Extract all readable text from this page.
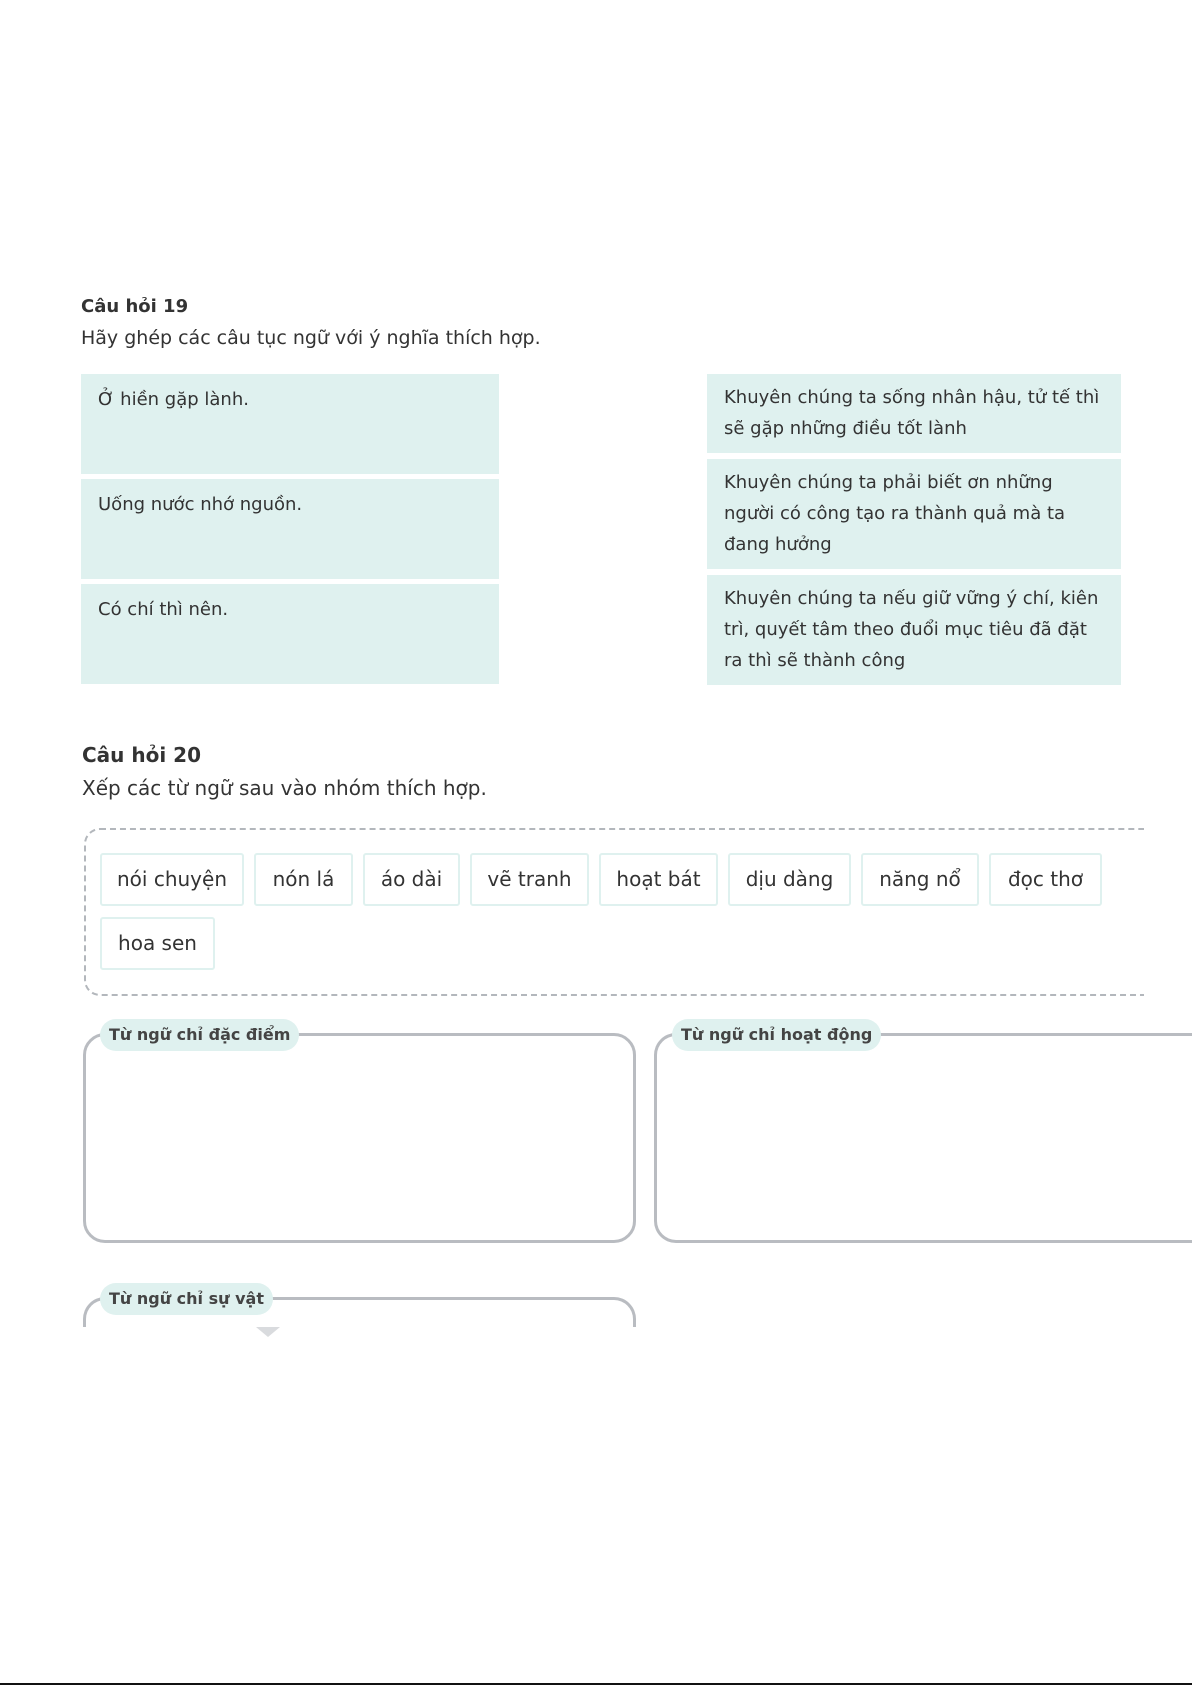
Câu hỏi 19
Hãy ghép các câu tục ngữ với ý nghĩa thích hợp.
Ở hiền gặp lành.
Uống nước nhớ nguồn.
Có chí thì nên.
Khuyên chúng ta sống nhân hậu, tử tế thì sẽ gặp những điều tốt lành
Khuyên chúng ta phải biết ơn những người có công tạo ra thành quả mà ta đang hưởng
Khuyên chúng ta nếu giữ vững ý chí, kiên trì, quyết tâm theo đuổi mục tiêu đã đặt ra thì sẽ thành công
Câu hỏi 20
Xếp các từ ngữ sau vào nhóm thích hợp.
nói chuyện	nón lá	áo dài	vẽ tranh	hoạt bát	dịu dàng	năng nổ	đọc thơ
hoa sen
Từ ngữ chỉ đặc điểm	Từ ngữ chỉ hoạt động
Từ ngữ chỉ sự vật
